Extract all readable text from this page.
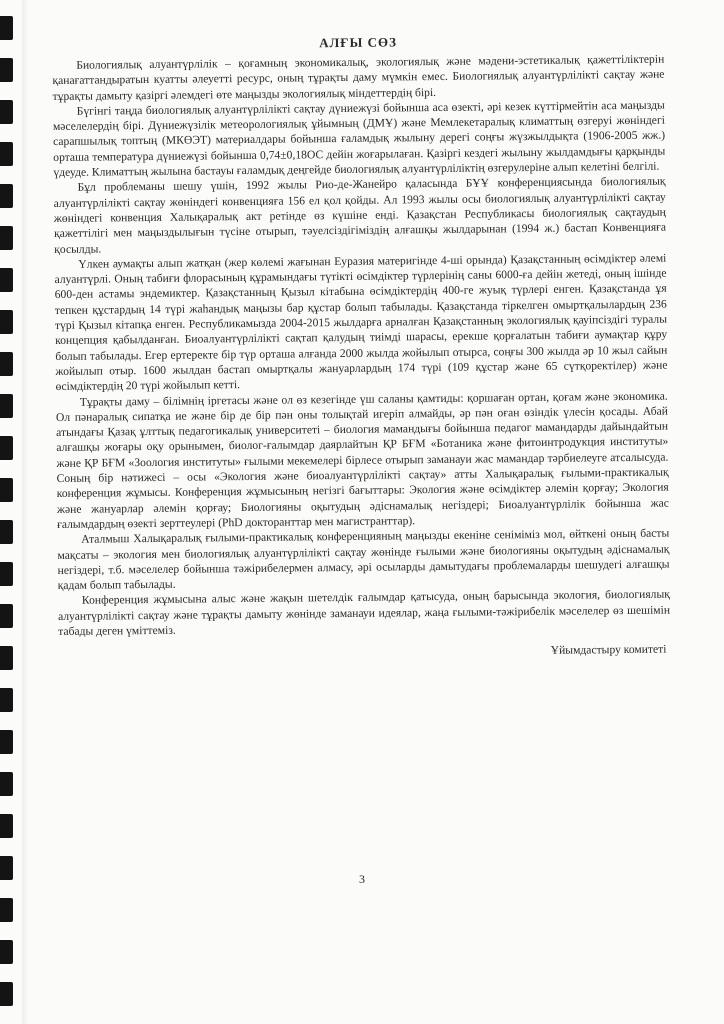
АЛҒЫ СӨЗ

Биологиялық алуантүрлілік – қоғамның экономикалық, экологиялық және мәдени-эстетикалық қажеттіліктерін қанағаттандыратын куатты әлеуетті ресурс, оның тұрақты даму мүмкін емес. Биологиялық алуантүрлілікті сақтау және тұрақты дамыту қазіргі әлемдегі өте маңызды экологиялық міндеттердің бірі.

Бүгінгі таңда биологиялық алуантүрлілікті сақтау дүниежүзі бойынша аса өзекті, әрі кезек күттірмейтін аса маңызды мәселелердің бірі. Дүниежүзілік метеорологиялық ұйымның (ДМҰ) және Мемлекетаралық климаттың өзгеруі жөніндегі сарапшылық топтың (МКӨЭТ) материалдары бойынша ғаламдық жылыну дерегі соңғы жүзжылдықта (1906-2005 жж.) орташа температура дүниежүзі бойынша 0,74±0,18ОС дейін жоғарылаған. Қазіргі кездегі жылыну жылдамдығы қарқынды үдеуде. Климаттың жылына бастауы ғаламдық деңгейде биологиялық алуантүрліліктің өзгерулеріне алып келетіні белгілі.

Бұл проблеманы шешу үшін, 1992 жылы Рио-де-Жанейро қаласында БҰҰ конференциясында биологиялық алуантүрлілікті сақтау жөніндегі конвенцияға 156 ел қол қойды. Ал 1993 жылы осы биологиялық алуантүрлілікті сақтау жөніндегі конвенция Халықаралық акт ретінде өз күшіне енді. Қазақстан Республикасы биологиялық сақтаудың қажеттілігі мен маңыздылығын түсіне отырып, тәуелсіздігіміздің алғашқы жылдарынан (1994 ж.) бастап Конвенцияға қосылды.

Үлкен аумақты алып жатқан (жер көлемі жағынан Еуразия материгінде 4-ші орында) Қазақстанның өсімдіктер әлемі алуантүрлі. Оның табиғи флорасының құрамындағы түтікті өсімдіктер түрлерінің саны 6000-ға дейін жетеді, оның ішінде 600-ден астамы эндемиктер. Қазақстанның Қызыл кітабына өсімдіктердің 400-ге жуық түрлері енген. Қазақстанда ұя тепкен құстардың 14 түрі жаһандық маңызы бар құстар болып табылады. Қазақстанда тіркелген омыртқалылардың 236 түрі Қызыл кітапқа енген. Республикамызда 2004-2015 жылдарға арналған Қазақстанның экологиялық қауіпсіздігі туралы концепция қабылданған. Биоалуантүрлілікті сақтап қалудың тиімді шарасы, ерекше қорғалатын табиғи аумақтар құру болып табылады. Егер ертеректе бір түр орташа алғанда 2000 жылда жойылып отырса, соңғы 300 жылда әр 10 жыл сайын жойылып отыр. 1600 жылдан бастап омыртқалы жануарлардың 174 түрі (109 құстар және 65 сүтқоректілер) және өсімдіктердің 20 түрі жойылып кетті.

Тұрақты даму – білімнің іргетасы және ол өз кезегінде үш саланы қамтиды: қоршаған ортан, қоғам және экономика. Ол пәнаралық сипатқа ие және бір де бір пән оны толықтай игеріп алмайды, әр пән оған өзіндік үлесін қосады. Абай атындағы Қазақ ұлттық педагогикалық университеті – биология мамандығы бойынша педагог мамандарды дайындайтын алғашқы жоғары оқу орынымен, биолог-ғалымдар даярлайтын ҚР БҒМ «Ботаника және фитоинтродукция институты» және ҚР БҒМ «Зоология институты» ғылыми мекемелері бірлесе отырып заманауи жас мамандар тәрбиелеуге атсалысуда. Соның бір нәтижесі – осы «Экология және биоалуантүрлілікті сақтау» атты Халықаралық ғылыми-практикалық конференция жұмысы. Конференция жұмысының негізгі бағыттары: Экология және өсімдіктер әлемін қорғау; Экология және жануарлар әлемін қорғау; Биологияны оқытудың әдіснамалық негіздері; Биоалуантүрлілік бойынша жас ғалымдардың өзекті зерттеулері (PhD докторанттар мен магистранттар).

Аталмыш Халықаралық ғылыми-практикалық конференцияның маңызды екеніне сеніміміз мол, өйткені оның басты мақсаты – экология мен биологиялық алуантүрлілікті сақтау жөнінде ғылыми және биологияны оқытудың әдіснамалық негіздері, т.б. мәселелер бойынша тәжірибелермен алмасу, әрі осыларды дамытудағы проблемаларды шешудегі алғашқы қадам болып табылады.

Конференция жұмысына алыс және жақын шетелдік ғалымдар қатысуда, оның барысында экология, биологиялық алуантүрлілікті сақтау және тұрақты дамыту жөнінде заманауи идеялар, жаңа ғылыми-тәжірибелік мәселелер өз шешімін табады деген үміттеміз.

Ұйымдастыру комитеті
3
